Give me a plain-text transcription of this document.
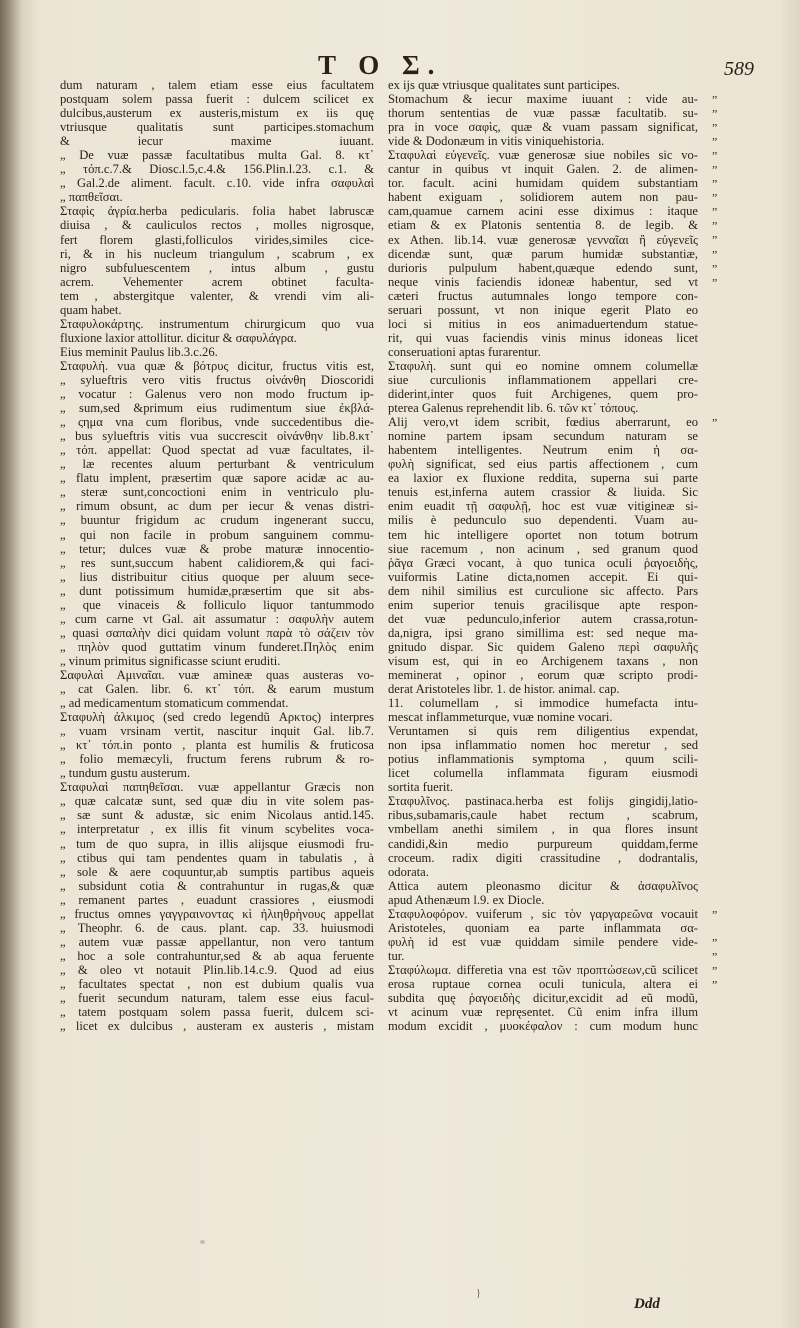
T O Σ.	589
dum naturam , talem etiam esse eius facultatem
postquam solem passa fuerit : dulcem scilicet ex
dulcibus,austerum ex austeris,mistum ex iis quę
vtriusque qualitatis sunt participes.stomachum
& iecur maxime iuuant.
„ De vuæ passæ facultatibus multa Gal. 8. κτ᾽
„ τόπ.c.7.& Diosc.l.5,c.4.& 156.Plin.l.23. c.1. &
„ Gal.2.de aliment. facult. c.10. vide infra σαφυλαὶ
„ παπθεῖσαι.
Σταφὶς ἀγρία.herba pedicularis. folia habet labruscæ
diuisa , & cauliculos rectos , molles nigrosque,
fert florem glasti,folliculos virides,similes cice-
ri, & in his nucleum triangulum , scabrum , ex
nigro subfuluescentem , intus album , gustu
acrem. Vehementer acrem obtinet faculta-
tem , abstergitque valenter, & vrendi vim ali-
quam habet.
Σταφυλοκάρτης. instrumentum chirurgicum quo vua
fluxione laxior attollitur. dicitur & σαφυλάγρα.
Eius meminit Paulus lib.3.c.26.
Σταφυλὴ. vua quæ & βότρυς dicitur, fructus vitis est,
„ sylueftris vero vitis fructus οἰνάνθη Dioscoridi
„ vocatur : Galenus vero non modo fructum ip-
„ sum,sed &primum eius rudimentum siue ἐκβλά-
„ ςημα vna cum floribus, vnde succedentibus die-
„ bus sylueftris vitis vua succrescit οἰνάνθην lib.8.κτ᾽
„ τόπ. appellat: Quod spectat ad vuæ facultates, il-
„ læ recentes aluum perturbant & ventriculum
„ flatu implent, præsertim quæ sapore acidæ ac au-
„ steræ sunt,concoctioni enim in ventriculo plu-
„ rimum obsunt, ac dum per iecur & venas distri-
„ buuntur frigidum ac crudum ingenerant succu,
„ qui non facile in probum sanguinem commu-
„ tetur; dulces vuæ & probe maturæ innocentio-
„ res sunt,succum habent calidiorem,& qui faci-
„ lius distribuitur citius quoque per aluum sece-
„ dunt potissimum humidæ,præsertim que sit abs-
„ que vinaceis & folliculo liquor tantummodo
„ cum carne vt Gal. ait assumatur : σαφυλὴν autem
„ quasi σαπαλὴν dici quidam volunt παρὰ τὸ σάζειν τὸν
„ πηλὸν quod guttatim vinum funderet.Πηλὸς enim
„ vinum primitus significasse sciunt eruditi.
Σαφυλαὶ Αμιναῖαι. vuæ amineæ quas austeras vo-
„ cat Galen. libr. 6. κτ᾽ τόπ. & earum mustum
„ ad medicamentum stomaticum commendat.
Σταφυλὴ ἀλκιμος (sed credo legendũ Αρκτος) interpres
„ vuam vrsinam vertit, nascitur inquit Gal. lib.7.
„ κτ᾽ τόπ.in ponto , planta est humilis & fruticosa
„ folio memæcyli, fructum ferens rubrum & ro-
„ tundum gustu austerum.
Σταφυλαὶ παπηθεῖσαι. vuæ appellantur Græcis non
„ quæ calcatæ sunt, sed quæ diu in vite solem pas-
„ sæ sunt & adustæ, sic enim Nicolaus antid.145.
„ interpretatur , ex illis fit vinum scybelites voca-
„ tum de quo supra, in illis alijsque eiusmodi fru-
„ ctibus qui tam pendentes quam in tabulatis , à
„ sole & aere coquuntur,ab sumptis partibus aqueis
„ subsidunt cotia & contrahuntur in rugas,& quæ
„ remanent partes , euadunt crassiores , eiusmodi
„ fructus omnes γαγγραινοντας κὶ ἠλιηθρὴνους appellat
„ Theophr. 6. de caus. plant. cap. 33. huiusmodi
„ autem vuæ passæ appellantur, non vero tantum
„ hoc a sole contrahuntur,sed & ab aqua feruente
„ & oleo vt notauit Plin.lib.14.c.9. Quod ad eius
„ facultates spectat , non est dubium qualis vua
„ fuerit secundum naturam, talem esse eius facul-
„ tatem postquam solem passa fuerit, dulcem sci-
„ licet ex dulcibus , austeram ex austeris , mistam
ex ijs quæ vtriusque qualitates sunt participes.
Stomachum & iecur maxime iuuant : vide au-
thorum sententias de vuæ passæ facultatib. su-
pra in voce σαφὶς, quæ & vuam passam significat,
vide & Dodonæum in vitis viniquehistoria.
Σταφυλαὶ εὐγενεῖς. vuæ generosæ siue nobiles sic vo-
cantur in quibus vt inquit Galen. 2. de alimen-
tor. facult. acini humidam quidem substantiam
habent exiguam , solidiorem autem non pau-
cam,quamue carnem acini esse diximus : itaque
etiam & ex Platonis sententia 8. de legib. &
ex Athen. lib.14. vuæ generosæ γενναῖαι ἢ εὐγενεῖς
dicendæ sunt, quæ parum humidæ substantiæ,
durioris pulpulum habent,quæque edendo sunt,
neque vinis faciendis idoneæ habentur, sed vt
cæteri fructus autumnales longo tempore con-
seruari possunt, vt non inique egerit Plato eo
loci si mitius in eos animaduertendum statue-
rit, qui vuas faciendis vinis minus idoneas licet
conseruationi aptas furarentur.
Σταφυλὴ. sunt qui eo nomine omnem columellæ
siue curculionis inflammationem appellari cre-
diderint,inter quos fuit Archigenes, quem pro-
pterea Galenus reprehendit lib. 6. τῶν κτ᾽ τόπους.
Alij vero,vt idem scribit, fœdius aberrarunt, eo
nomine partem ipsam secundum naturam se
habentem intelligentes. Neutrum enim ἡ σα-
φυλὴ significat, sed eius partis affectionem , cum
ea laxior ex fluxione reddita, superna sui parte
tenuis est,inferna autem crassior & liuida. Sic
enim euadit τῇ σαφυλῇ, hoc est vuæ vitigineæ si-
milis è pedunculo suo dependenti. Vuam au-
tem hic intelligere oportet non totum botrum
siue racemum , non acinum , sed granum quod
ῥᾶγα Græci vocant, à quo tunica oculi ῥαγοειδὴς,
vuiformis Latine dicta,nomen accepit. Ei qui-
dem nihil similius est curculione sic affecto. Pars
enim superior tenuis gracilisque apte respon-
det vuæ pedunculo,inferior autem crassa,rotun-
da,nigra, ipsi grano simillima est: sed neque ma-
gnitudo dispar. Sic quidem Galeno περὶ σαφυλῆς
visum est, qui in eo Archigenem taxans , non
meminerat , opinor , eorum quæ scripto prodi-
derat Aristoteles libr. 1. de histor. animal. cap.
11. columellam , si immodice humefacta intu-
mescat inflammeturque, vuæ nomine vocari.
Veruntamen si quis rem diligentius expendat,
non ipsa inflammatio nomen hoc meretur , sed
potius inflammationis symptoma , quum scili-
licet columella inflammata figuram eiusmodi
sortita fuerit.
Σταφυλῖνος. pastinaca.herba est folijs gingidij,latio-
ribus,subamaris,caule habet rectum , scabrum,
vmbellam anethi similem , in qua flores insunt
candidi,&in medio purpureum quiddam,ferme
croceum. radix digiti crassitudine , dodrantalis,
odorata.
Attica autem pleonasmo dicitur & ἀσαφυλῖνος
apud Athenæum l.9. ex Diocle.
Σταφυλοφόρον. vuiferum , sic τὸν γαργαρεῶνα vocauit
Aristoteles, quoniam ea parte inflammata σα-
φυλὴ id est vuæ quiddam simile pendere vide-
tur.
Σταφύλωμα. differetia vna est τῶν προπτώσεων,cũ scilicet
erosa ruptaue cornea oculi tunicula, altera ei
subdita quę ῥαγοειδὴς dicitur,excidit ad eũ modũ,
vt acinum vuæ repręsentet. Cũ enim infra illum
modum excidit , μυοκέφαλον : cum modum hunc
„
„
„
„
„
„
„
„
„
„
„
„
„
„
„
„
„
„
„
„
}
Ddd
